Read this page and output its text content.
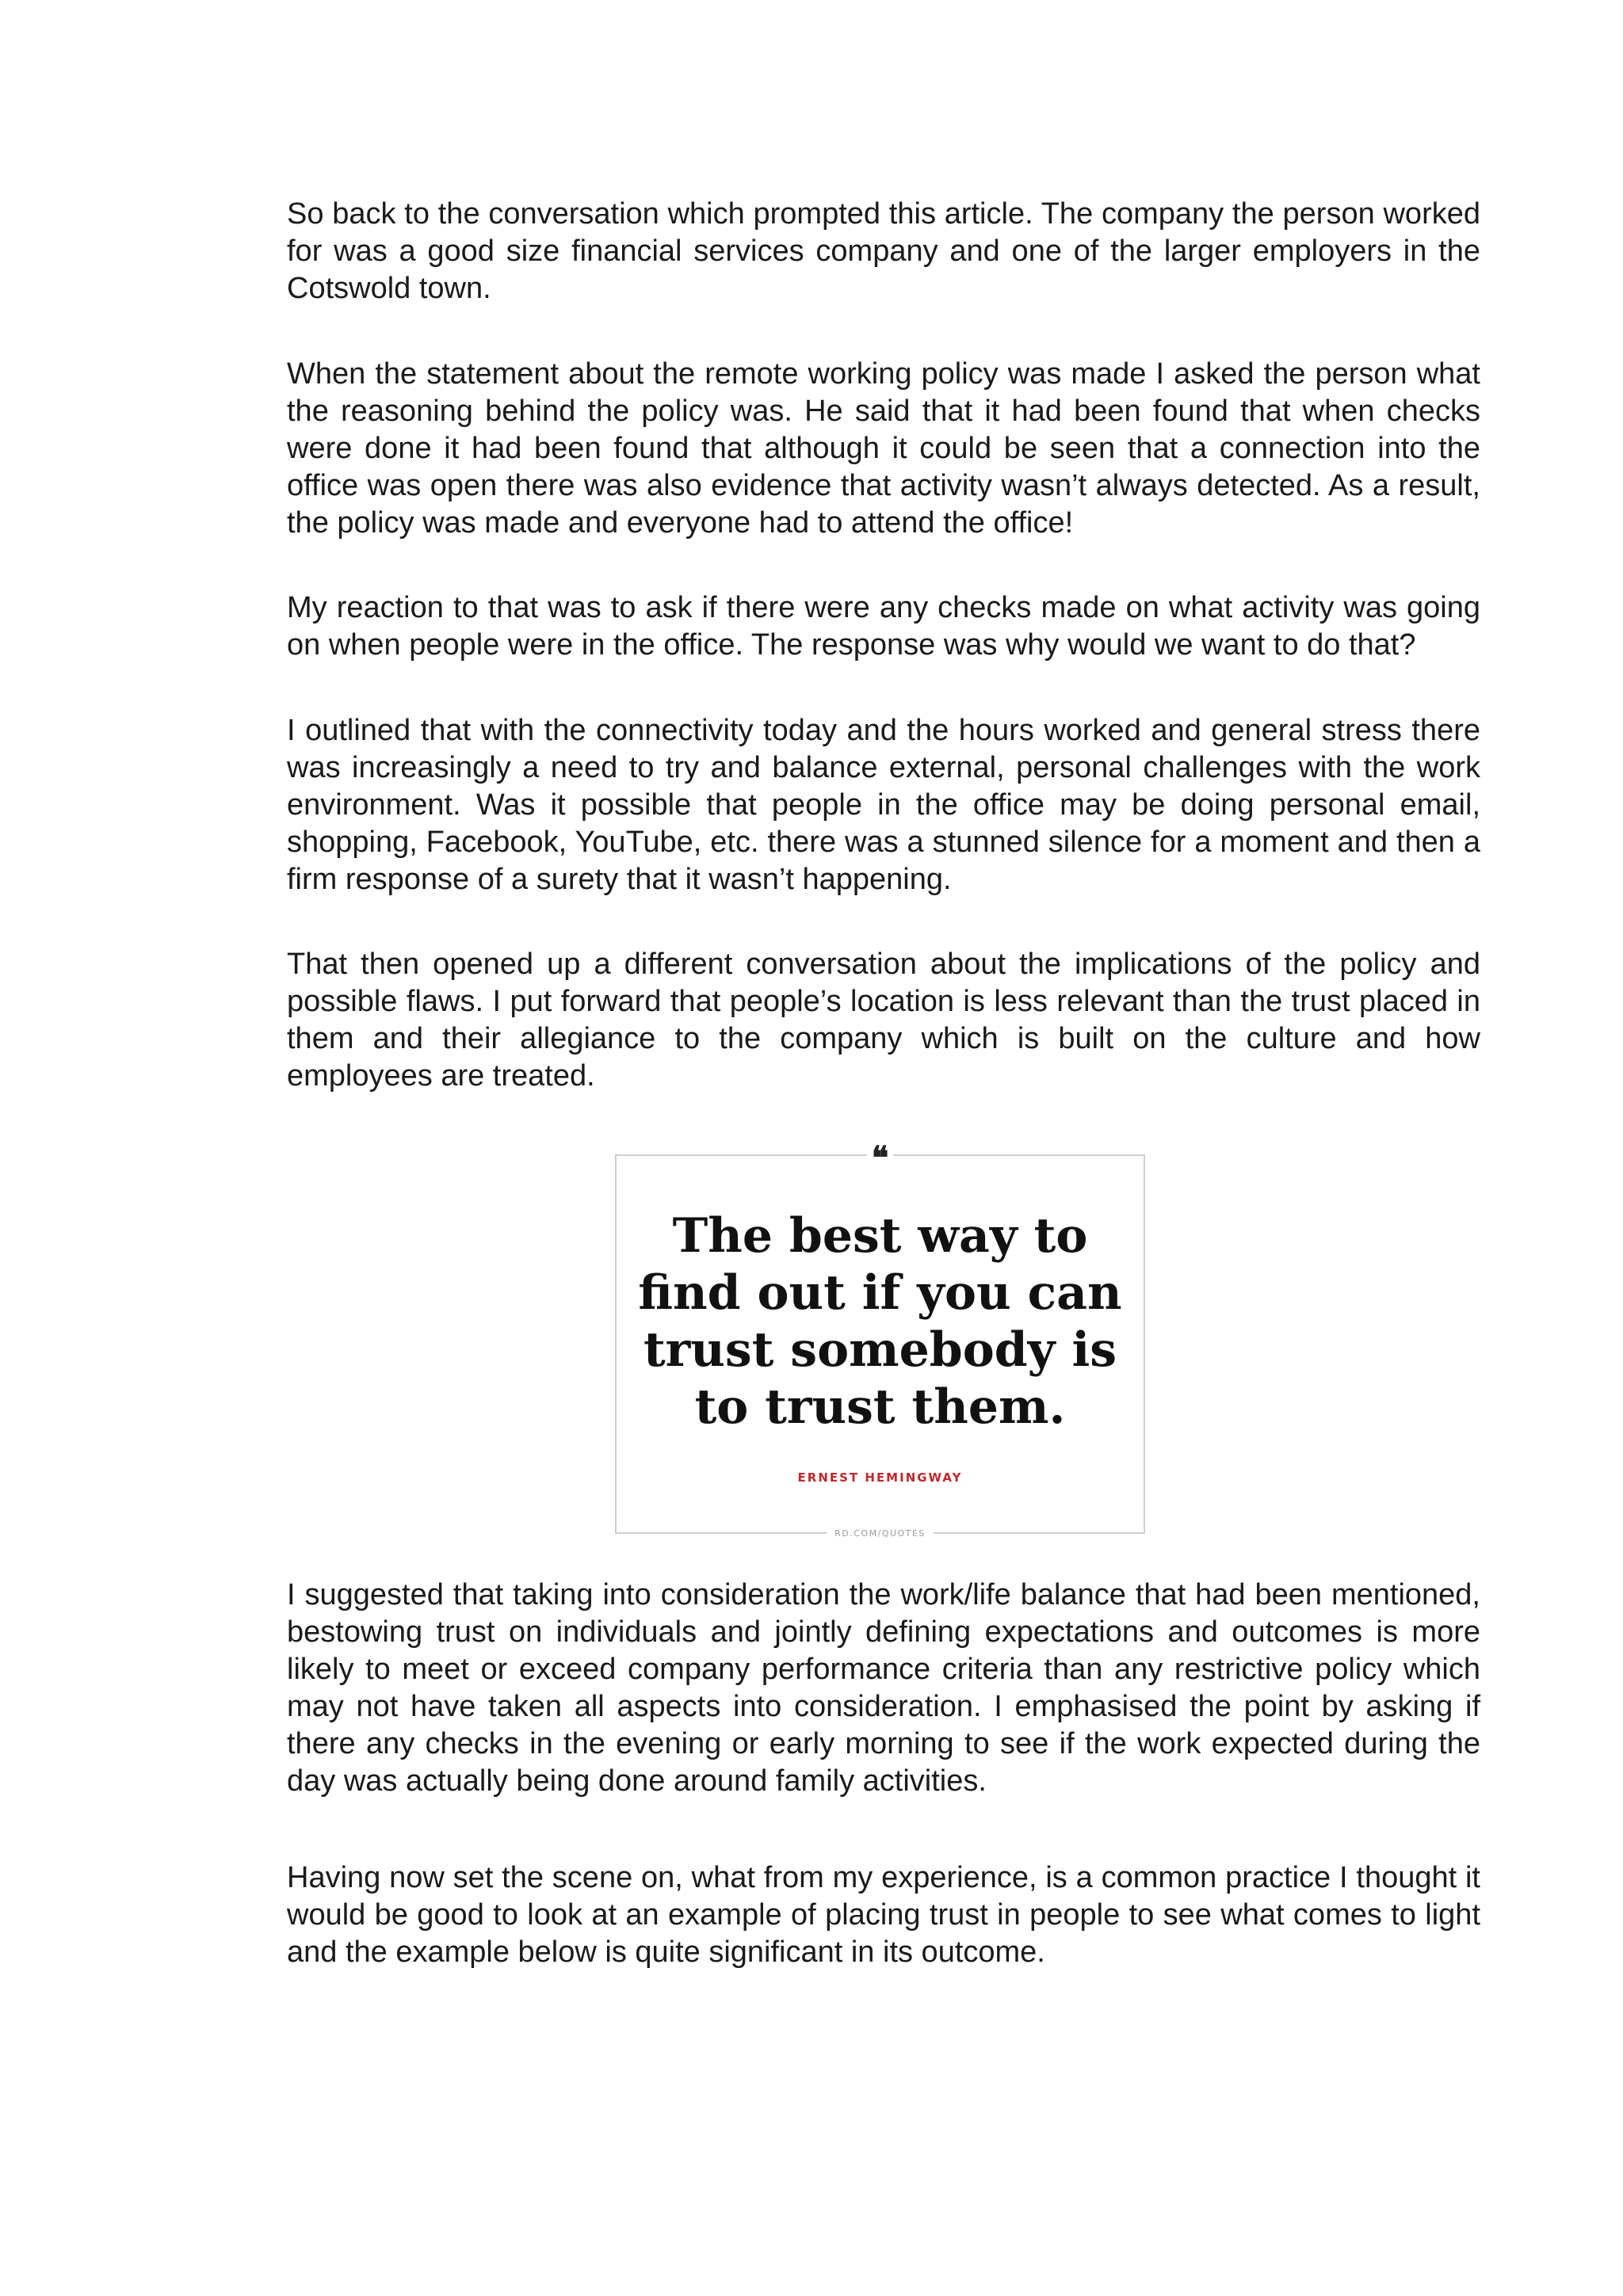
So back to the conversation which prompted this article. The company the person worked for was a good size financial services company and one of the larger employers in the Cotswold town.

When the statement about the remote working policy was made I asked the person what the reasoning behind the policy was. He said that it had been found that when checks were done it had been found that although it could be seen that a connection into the office was open there was also evidence that activity wasn’t always detected. As a result, the policy was made and everyone had to attend the office!

My reaction to that was to ask if there were any checks made on what activity was going on when people were in the office. The response was why would we want to do that?

I outlined that with the connectivity today and the hours worked and general stress there was increasingly a need to try and balance external, personal challenges with the work environment. Was it possible that people in the office may be doing personal email, shopping, Facebook, YouTube, etc. there was a stunned silence for a moment and then a firm response of a surety that it wasn’t happening.

That then opened up a different conversation about the implications of the policy and possible flaws. I put forward that people’s location is less relevant than the trust placed in them and their allegiance to the company which is built on the culture and how employees are treated.

❝
The best way to
find out if you can
trust somebody is
to trust them.
ERNEST HEMINGWAY
RD.COM/QUOTES

I suggested that taking into consideration the work/life balance that had been mentioned, bestowing trust on individuals and jointly defining expectations and outcomes is more likely to meet or exceed company performance criteria than any restrictive policy which may not have taken all aspects into consideration. I emphasised the point by asking if there any checks in the evening or early morning to see if the work expected during the day was actually being done around family activities.

Having now set the scene on, what from my experience, is a common practice I thought it would be good to look at an example of placing trust in people to see what comes to light and the example below is quite significant in its outcome.
